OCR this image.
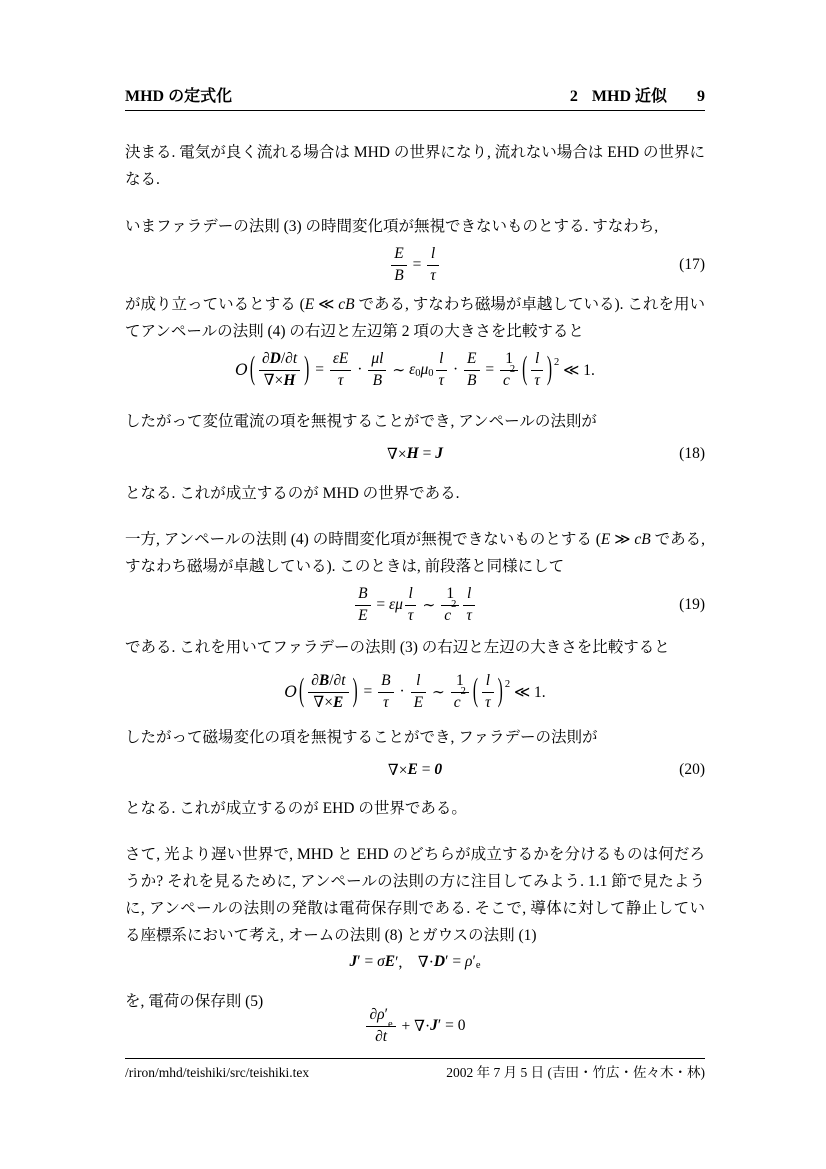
MHD の定式化	2 MHD 近似 9

決まる. 電気が良く流れる場合は MHD の世界になり, 流れない場合は EHD の世界になる.

いまファラデーの法則 (3) の時間変化項が無視できないものとする. すなわち,

$\frac{E}{B} = \frac{l}{\tau}$	(17)

が成り立っているとする (E ≪ cB である, すなわち磁場が卓越している). これを用いてアンペールの法則 (4) の右辺と左辺第 2 項の大きさを比較すると

O ( $\frac{\partial D/\partial t}{\nabla\times H}$ ) = $\frac{\varepsilon E}{\tau} \cdot \frac{\mu l}{B}$ ∼ $\varepsilon_0$ $\mu_0 \frac{l}{\tau} \cdot \frac{E}{B} = \frac{1}{c^2}$ ( $\frac{l}{\tau} )^2$ ≪ 1.

したがって変位電流の項を無視することができ, アンペールの法則が

∇× H = J	(18)

となる. これが成立するのが MHD の世界である.

一方, アンペールの法則 (4) の時間変化項が無視できないものとする (E ≫ cB である, すなわち磁場が卓越している). このときは, 前段落と同様にして

$\frac{B}{E} = \varepsilon\mu \frac{l}{\tau}$ ∼ $\frac{1}{c^2} \frac{l}{\tau}$	(19)

である. これを用いてファラデーの法則 (3) の右辺と左辺の大きさを比較すると

O ( $\frac{\partial B/\partial t}{\nabla\times E}$ ) = $\frac{B}{\tau} \cdot \frac{l}{E}$ ∼ $\frac{1}{c^2}$ ( $\frac{l}{\tau} )^2$ ≪ 1.

したがって磁場変化の項を無視することができ, ファラデーの法則が

∇× E = 0	(20)

となる. これが成立するのが EHD の世界である。

さて, 光より遅い世界で, MHD と EHD のどちらが成立するかを分けるものは何だろうか? それを見るために, アンペールの法則の方に注目してみよう. 1.1 節で見たように, アンペールの法則の発散は電荷保存則である. そこで, 導体に対して静止している座標系において考え, オームの法則 (8) とガウスの法則 (1)

J ′ = σ E ′, ∇· D ′ = ρ $'_e$

を, 電荷の保存則 (5)

$\frac{\partial\rho'_e}{\partial t}$ + ∇· J ′ = 0
/riron/mhd/teishiki/src/teishiki.tex	2002 年 7 月 5 日 (吉田・竹広・佐々木・林)
